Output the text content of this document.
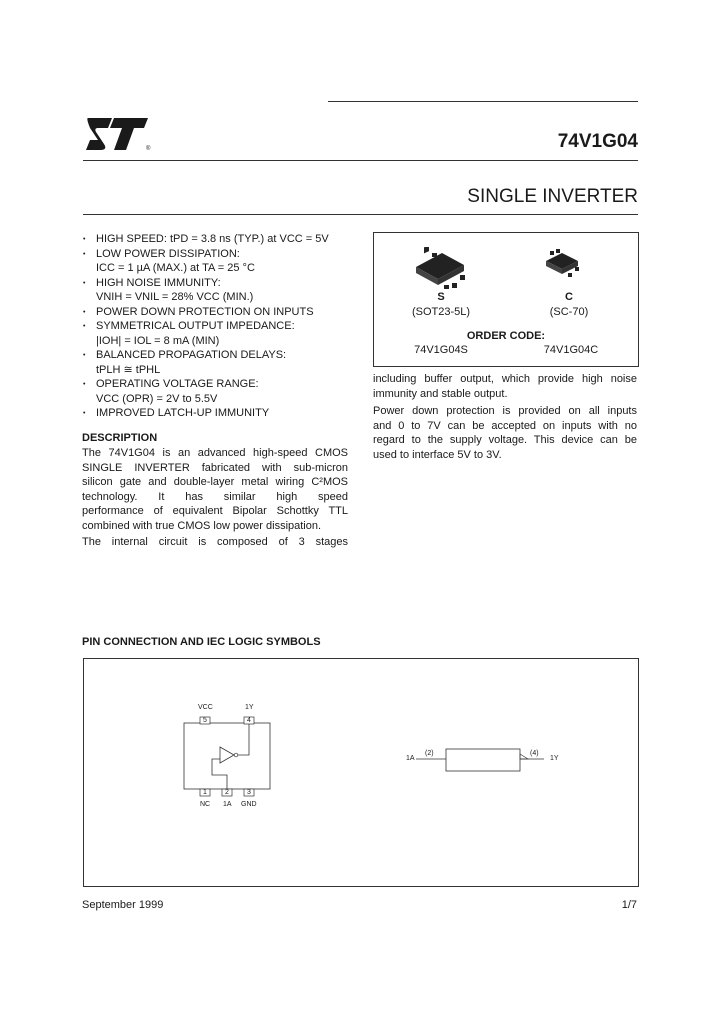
®	74V1G04
SINGLE INVERTER
• HIGH SPEED: tPD = 3.8 ns (TYP.) at VCC = 5V
• LOW POWER DISSIPATION:
ICC = 1 µA (MAX.) at TA = 25 °C
• HIGH NOISE IMMUNITY:
VNIH = VNIL = 28% VCC (MIN.)
• POWER DOWN PROTECTION ON INPUTS
• SYMMETRICAL OUTPUT IMPEDANCE:
|IOH| = IOL = 8 mA (MIN)
• BALANCED PROPAGATION DELAYS:
tPLH ≅ tPHL
• OPERATING VOLTAGE RANGE:
VCC (OPR) = 2V to 5.5V
• IMPROVED LATCH-UP IMMUNITY
DESCRIPTION
The 74V1G04 is an advanced high-speed CMOS
SINGLE INVERTER fabricated with sub-micron
silicon gate and double-layer metal wiring C²MOS
technology. It has similar high speed
performance of equivalent Bipolar Schottky TTL
combined with true CMOS low power dissipation.
The internal circuit is composed of 3 stages
S
(SOT23-5L)
C
(SC-70)
ORDER CODE:
74V1G04S	74V1G04C
including buffer output, which provide high noise
immunity and stable output.
Power down protection is provided on all inputs
and 0 to 7V can be accepted on inputs with no
regard to the supply voltage. This device can be
used to interface 5V to 3V.
PIN CONNECTION AND IEC LOGIC SYMBOLS
5	4
1	2	3
VCC	1Y
NC 1A GND
1A
(2)	(4)
1Y
September 1999	1/7
